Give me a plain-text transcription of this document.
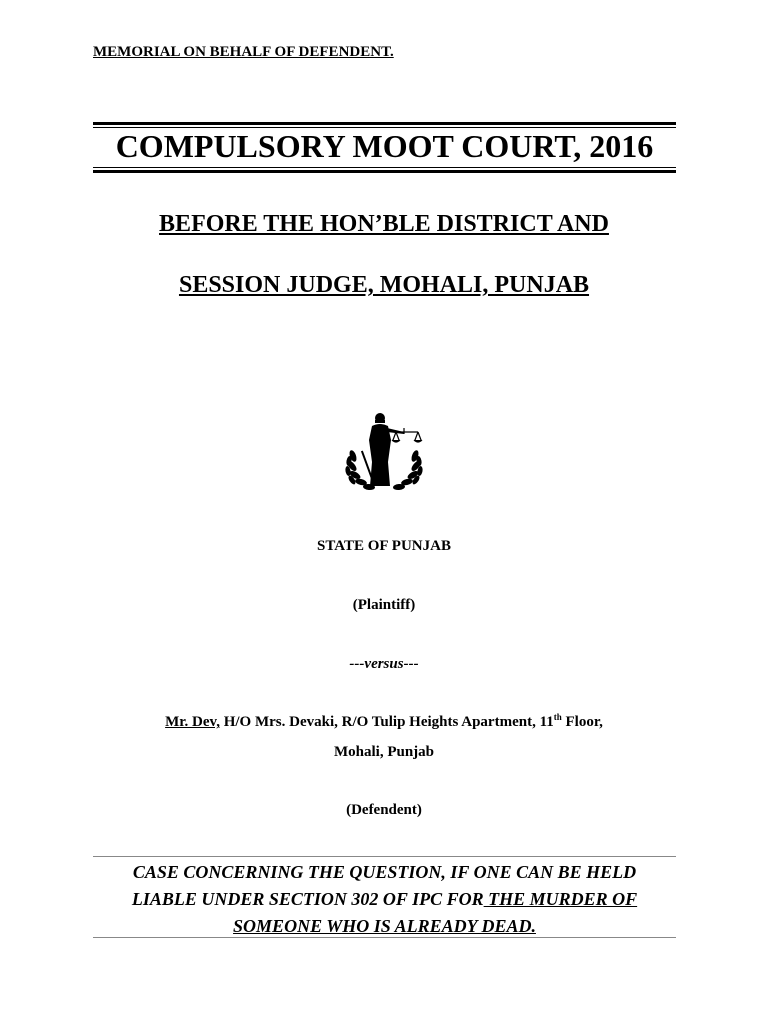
MEMORIAL ON BEHALF OF DEFENDENT.
COMPULSORY MOOT COURT, 2016
BEFORE THE HON’BLE DISTRICT AND
SESSION JUDGE, MOHALI, PUNJAB
STATE OF PUNJAB
(Plaintiff)
---versus---
Mr. Dev, H/O Mrs. Devaki, R/O Tulip Heights Apartment, 11th Floor,
Mohali, Punjab
(Defendent)
CASE CONCERNING THE QUESTION, IF ONE CAN BE HELD
LIABLE UNDER SECTION 302 OF IPC FOR THE MURDER OF
SOMEONE WHO IS ALREADY DEAD.
